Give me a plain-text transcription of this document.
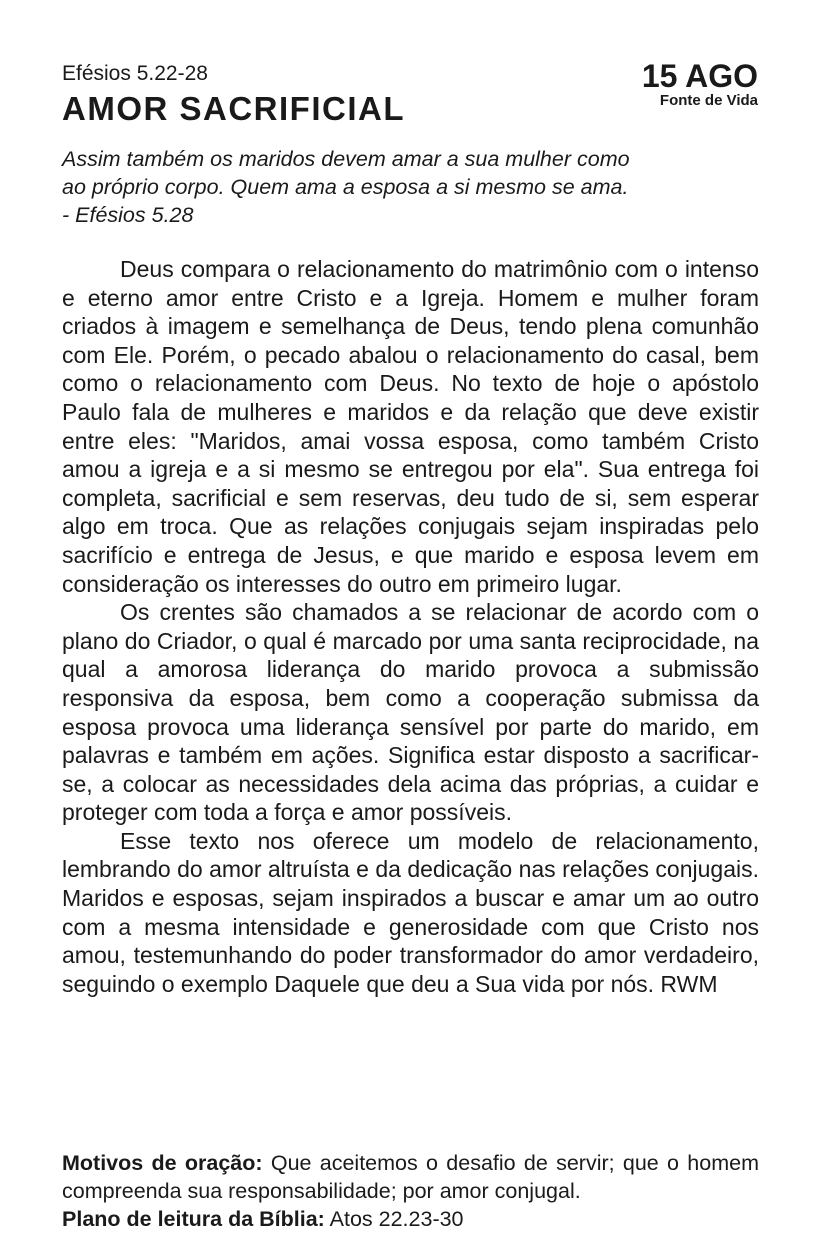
Efésios 5.22-28
AMOR SACRIFICIAL
15 AGO
Fonte de Vida
Assim também os maridos devem amar a sua mulher como
ao próprio corpo. Quem ama a esposa a si mesmo se ama.
- Efésios 5.28

Deus compara o relacionamento do matrimônio com o intenso e eterno amor entre Cristo e a Igreja. Homem e mulher foram criados à imagem e semelhança de Deus, tendo plena comunhão com Ele. Porém, o pecado abalou o relacionamento do casal, bem como o relacionamento com Deus. No texto de hoje o apóstolo Paulo fala de mulheres e maridos e da relação que deve existir entre eles: "Maridos, amai vossa esposa, como também Cristo amou a igreja e a si mesmo se entregou por ela". Sua entrega foi completa, sacrificial e sem reservas, deu tudo de si, sem esperar algo em troca. Que as relações conjugais sejam inspiradas pelo sacrifício e entrega de Jesus, e que marido e esposa levem em consideração os interesses do outro em primeiro lugar.

Os crentes são chamados a se relacionar de acordo com o plano do Criador, o qual é marcado por uma santa reciprocidade, na qual a amorosa liderança do marido provoca a submissão responsiva da esposa, bem como a cooperação submissa da esposa provoca uma liderança sensível por parte do marido, em palavras e também em ações. Significa estar disposto a sacrificar-se, a colocar as necessidades dela acima das próprias, a cuidar e proteger com toda a força e amor possíveis.

Esse texto nos oferece um modelo de relacionamento, lembrando do amor altruísta e da dedicação nas relações conjugais. Maridos e esposas, sejam inspirados a buscar e amar um ao outro com a mesma intensidade e generosidade com que Cristo nos amou, testemunhando do poder transformador do amor verdadeiro, seguindo o exemplo Daquele que deu a Sua vida por nós. RWM

Motivos de oração: Que aceitemos o desafio de servir; que o homem compreenda sua responsabilidade; por amor conjugal.
Plano de leitura da Bíblia: Atos 22.23-30
